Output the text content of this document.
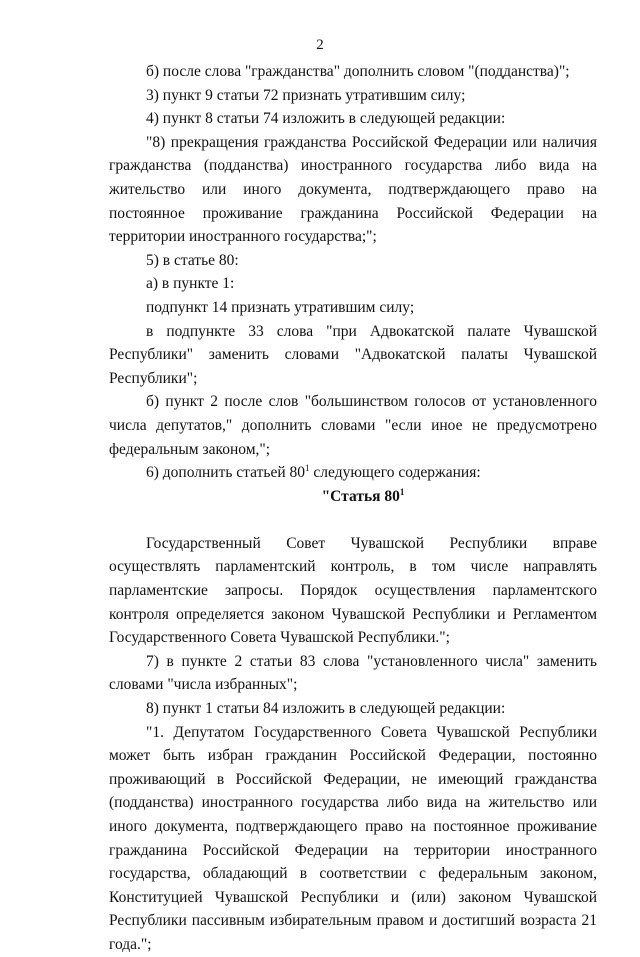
2

б) после слова "гражданства" дополнить словом "(подданства)";

3) пункт 9 статьи 72 признать утратившим силу;

4) пункт 8 статьи 74 изложить в следующей редакции:

"8) прекращения гражданства Российской Федерации или наличия гражданства (подданства) иностранного государства либо вида на жительство или иного документа, подтверждающего право на постоянное проживание гражданина Российской Федерации на территории иностранного государства;";

5) в статье 80:

а) в пункте 1:

подпункт 14 признать утратившим силу;

в подпункте 33 слова "при Адвокатской палате Чувашской Республики" заменить словами "Адвокатской палаты Чувашской Республики";

б) пункт 2 после слов "большинством голосов от установленного числа депутатов," дополнить словами "если иное не предусмотрено федеральным законом,";

6) дополнить статьей $80^1$ следующего содержания:

"Статья $80^1$

Государственный Совет Чувашской Республики вправе осуществлять парламентский контроль, в том числе направлять парламентские запросы. Порядок осуществления парламентского контроля определяется законом Чувашской Республики и Регламентом Государственного Совета Чувашской Республики.";

7) в пункте 2 статьи 83 слова "установленного числа" заменить словами "числа избранных";

8) пункт 1 статьи 84 изложить в следующей редакции:

"1. Депутатом Государственного Совета Чувашской Республики может быть избран гражданин Российской Федерации, постоянно проживающий в Российской Федерации, не имеющий гражданства (подданства) иностранного государства либо вида на жительство или иного документа, подтверждающего право на постоянное проживание гражданина Российской Федерации на территории иностранного государства, обладающий в соответствии с федеральным законом, Конституцией Чувашской Республики и (или) законом Чувашской Республики пассивным избирательным правом и достигший возраста 21 года.";
